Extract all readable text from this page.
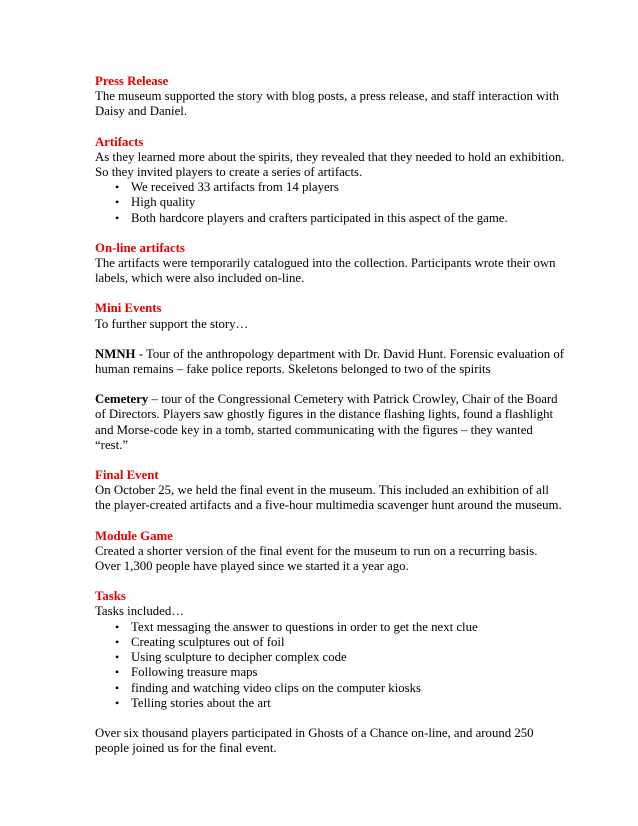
Press Release
The museum supported the story with blog posts, a press release, and staff interaction with Daisy and Daniel.
Artifacts
As they learned more about the spirits, they revealed that they needed to hold an exhibition. So they invited players to create a series of artifacts.
• We received 33 artifacts from 14 players
• High quality
• Both hardcore players and crafters participated in this aspect of the game.
On-line artifacts
The artifacts were temporarily catalogued into the collection. Participants wrote their own labels, which were also included on-line.
Mini Events
To further support the story…
NMNH - Tour of the anthropology department with Dr. David Hunt. Forensic evaluation of human remains – fake police reports. Skeletons belonged to two of the spirits
Cemetery – tour of the Congressional Cemetery with Patrick Crowley, Chair of the Board of Directors. Players saw ghostly figures in the distance flashing lights, found a flashlight and Morse-code key in a tomb, started communicating with the figures – they wanted “rest.”
Final Event
On October 25, we held the final event in the museum. This included an exhibition of all the player-created artifacts and a five-hour multimedia scavenger hunt around the museum.
Module Game
Created a shorter version of the final event for the museum to run on a recurring basis. Over 1,300 people have played since we started it a year ago.
Tasks
Tasks included…
• Text messaging the answer to questions in order to get the next clue
• Creating sculptures out of foil
• Using sculpture to decipher complex code
• Following treasure maps
• finding and watching video clips on the computer kiosks
• Telling stories about the art
Over six thousand players participated in Ghosts of a Chance on-line, and around 250 people joined us for the final event.
